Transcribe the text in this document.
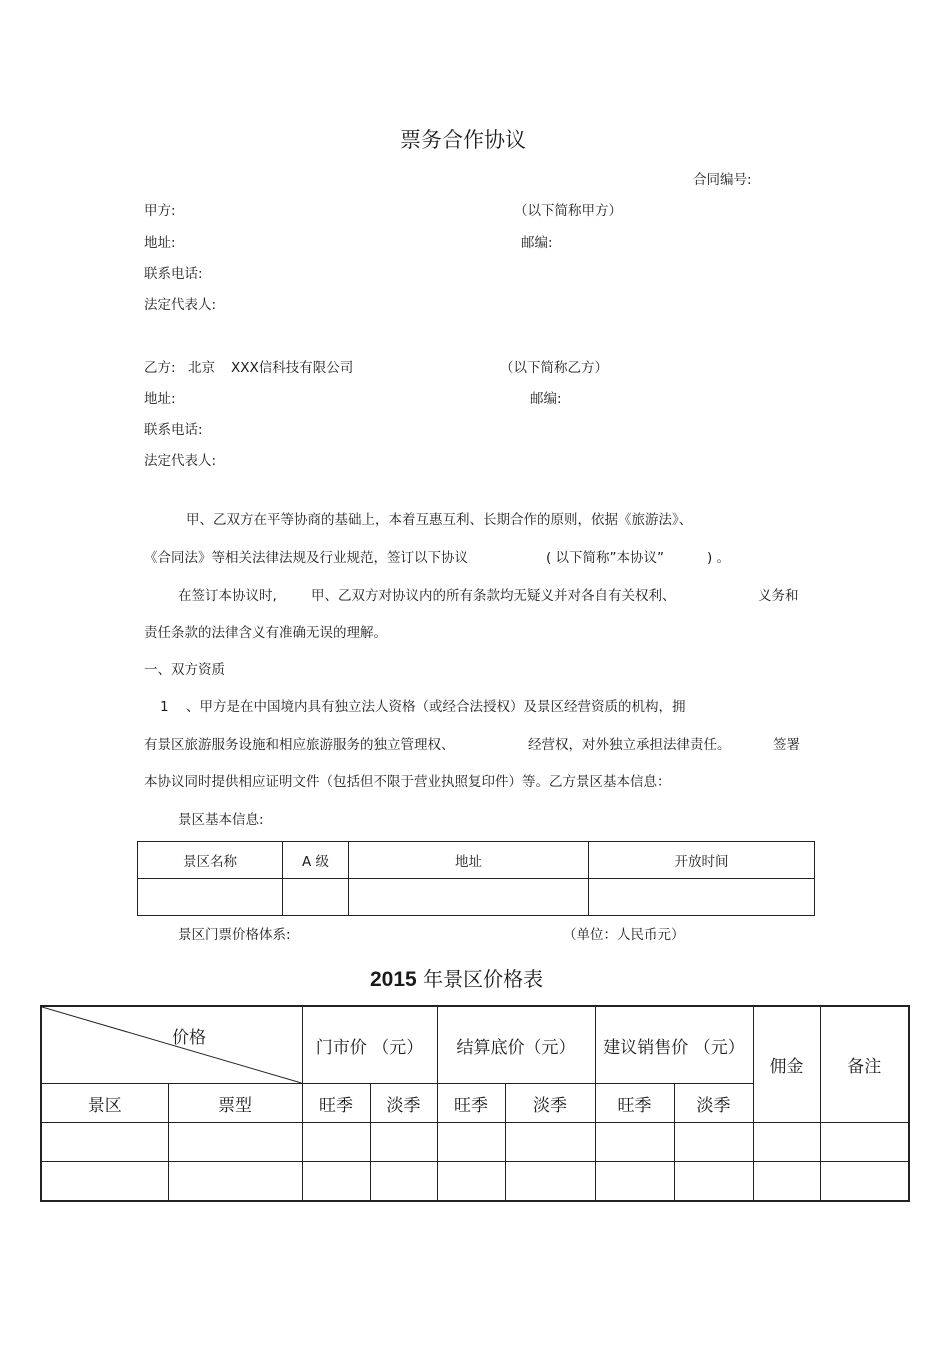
票务合作协议
合同编号:
甲方:	（以下简称甲方）
地址:	邮编:
联系电话:
法定代表人:
乙方: 北京 XXX信科技有限公司	（以下简称乙方）
地址:	邮编:
联系电话:
法定代表人:
甲、乙双方在平等协商的基础上，本着互惠互利、长期合作的原则，依据《旅游法》、
《合同法》等相关法律法规及行业规范，签订以下协议	( 以下简称”本协议”	) 。
在签订本协议时,	甲、乙双方对协议内的所有条款均无疑义并对各自有关权利、	义务和
责任条款的法律含义有准确无误的理解。
一、双方资质
1 、甲方是在中国境内具有独立法人资格（或经合法授权）及景区经营资质的机构，拥
有景区旅游服务设施和相应旅游服务的独立管理权、	经营权，对外独立承担法律责任。	签署
本协议同时提供相应证明文件（包括但不限于营业执照复印件）等。乙方景区基本信息：
景区基本信息:
景区名称	A 级	地址	开放时间

景区门票价格体系:	（单位：人民币元）
2015 年景区价格表
价格		门市价 （元）		结算底价（元）		建议销售价 （元）		佣金	备注
景区	票型	旺季	淡季	旺季	淡季	旺季	淡季		
